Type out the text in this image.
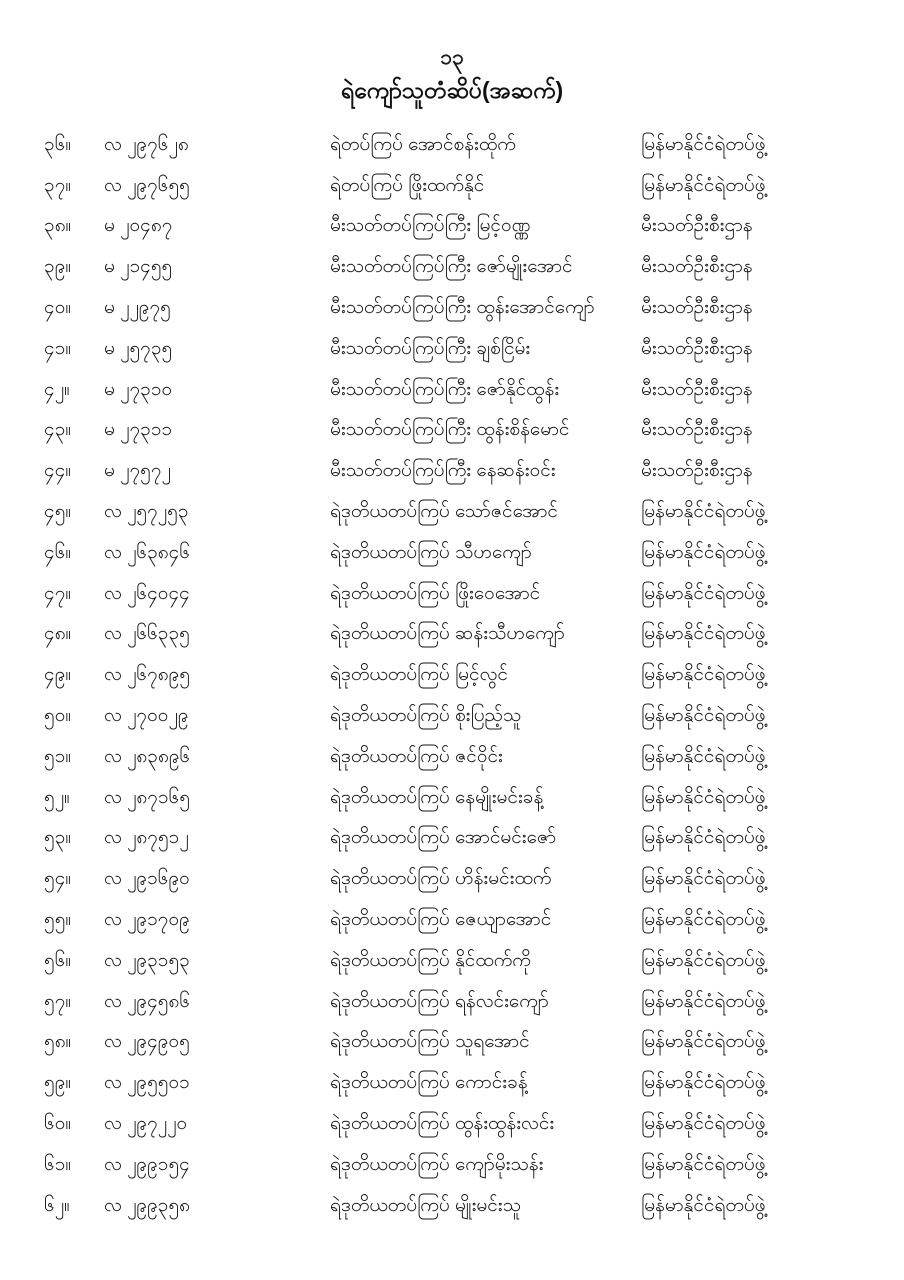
၁၃
ရဲကျော်သူတံဆိပ်(အဆက်)
၃၆။	လ ၂၉၇၆၂၈	ရဲတပ်ကြပ် အောင်စန်းထိုက်	မြန်မာနိုင်ငံရဲတပ်ဖွဲ့
၃၇။	လ ၂၉၇၆၅၅	ရဲတပ်ကြပ် ဖြိုးထက်နိုင်	မြန်မာနိုင်ငံရဲတပ်ဖွဲ့
၃၈။	မ ၂၀၄၈၇	မီးသတ်တပ်ကြပ်ကြီး မြင့်ဝဏ္ဏ	မီးသတ်ဦးစီးဌာန
၃၉။	မ ၂၁၄၅၅	မီးသတ်တပ်ကြပ်ကြီး ဇော်မျိုးအောင်	မီးသတ်ဦးစီးဌာန
၄၀။	မ ၂၂၉၇၅	မီးသတ်တပ်ကြပ်ကြီး ထွန်းအောင်ကျော်	မီးသတ်ဦးစီးဌာန
၄၁။	မ ၂၅၇၃၅	မီးသတ်တပ်ကြပ်ကြီး ချစ်ငြိမ်း	မီးသတ်ဦးစီးဌာန
၄၂။	မ ၂၇၃၁၀	မီးသတ်တပ်ကြပ်ကြီး ဇော်နိုင်ထွန်း	မီးသတ်ဦးစီးဌာန
၄၃။	မ ၂၇၃၁၁	မီးသတ်တပ်ကြပ်ကြီး ထွန်းစိန်မောင်	မီးသတ်ဦးစီးဌာန
၄၄။	မ ၂၇၅၇၂	မီးသတ်တပ်ကြပ်ကြီး နေဆန်းဝင်း	မီးသတ်ဦးစီးဌာန
၄၅။	လ ၂၅၇၂၅၃	ရဲဒုတိယတပ်ကြပ် သော်ဇင်အောင်	မြန်မာနိုင်ငံရဲတပ်ဖွဲ့
၄၆။	လ ၂၆၃၈၄၆	ရဲဒုတိယတပ်ကြပ် သီဟကျော်	မြန်မာနိုင်ငံရဲတပ်ဖွဲ့
၄၇။	လ ၂၆၄၀၄၄	ရဲဒုတိယတပ်ကြပ် ဖြိုးဝေအောင်	မြန်မာနိုင်ငံရဲတပ်ဖွဲ့
၄၈။	လ ၂၆၆၃၃၅	ရဲဒုတိယတပ်ကြပ် ဆန်းသီဟကျော်	မြန်မာနိုင်ငံရဲတပ်ဖွဲ့
၄၉။	လ ၂၆၇၈၉၅	ရဲဒုတိယတပ်ကြပ် မြင့်လွင်	မြန်မာနိုင်ငံရဲတပ်ဖွဲ့
၅၀။	လ ၂၇၀၀၂၉	ရဲဒုတိယတပ်ကြပ် စိုးပြည့်သူ	မြန်မာနိုင်ငံရဲတပ်ဖွဲ့
၅၁။	လ ၂၈၃၈၉၆	ရဲဒုတိယတပ်ကြပ် ဇင်ဝိုင်း	မြန်မာနိုင်ငံရဲတပ်ဖွဲ့
၅၂။	လ ၂၈၇၁၆၅	ရဲဒုတိယတပ်ကြပ် နေမျိုးမင်းခန့်	မြန်မာနိုင်ငံရဲတပ်ဖွဲ့
၅၃။	လ ၂၈၇၅၁၂	ရဲဒုတိယတပ်ကြပ် အောင်မင်းဇော်	မြန်မာနိုင်ငံရဲတပ်ဖွဲ့
၅၄။	လ ၂၉၁၆၉၀	ရဲဒုတိယတပ်ကြပ် ဟိန်းမင်းထက်	မြန်မာနိုင်ငံရဲတပ်ဖွဲ့
၅၅။	လ ၂၉၁၇၀၉	ရဲဒုတိယတပ်ကြပ် ဇေယျာအောင်	မြန်မာနိုင်ငံရဲတပ်ဖွဲ့
၅၆။	လ ၂၉၃၁၅၃	ရဲဒုတိယတပ်ကြပ် နိုင်ထက်ကို	မြန်မာနိုင်ငံရဲတပ်ဖွဲ့
၅၇။	လ ၂၉၄၅၈၆	ရဲဒုတိယတပ်ကြပ် ရန်လင်းကျော်	မြန်မာနိုင်ငံရဲတပ်ဖွဲ့
၅၈။	လ ၂၉၄၉၀၅	ရဲဒုတိယတပ်ကြပ် သူရအောင်	မြန်မာနိုင်ငံရဲတပ်ဖွဲ့
၅၉။	လ ၂၉၅၅၀၁	ရဲဒုတိယတပ်ကြပ် ကောင်းခန့်	မြန်မာနိုင်ငံရဲတပ်ဖွဲ့
၆၀။	လ ၂၉၇၂၂၀	ရဲဒုတိယတပ်ကြပ် ထွန်းထွန်းလင်း	မြန်မာနိုင်ငံရဲတပ်ဖွဲ့
၆၁။	လ ၂၉၉၁၅၄	ရဲဒုတိယတပ်ကြပ် ကျော်မိုးသန်း	မြန်မာနိုင်ငံရဲတပ်ဖွဲ့
၆၂။	လ ၂၉၉၃၅၈	ရဲဒုတိယတပ်ကြပ် မျိုးမင်းသူ	မြန်မာနိုင်ငံရဲတပ်ဖွဲ့
